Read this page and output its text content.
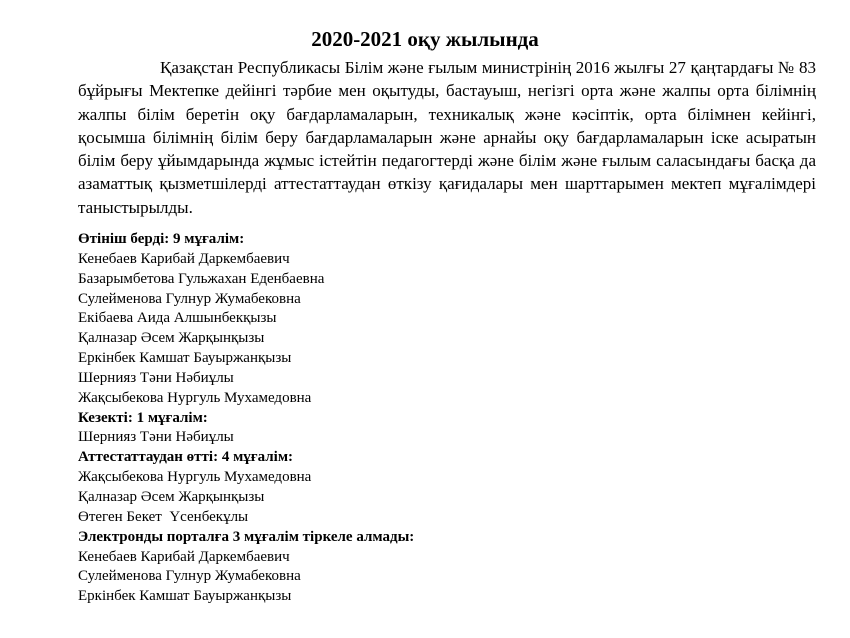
2020-2021 оқу жылында

Қазақстан Республикасы Білім және ғылым министрінің 2016 жылғы 27 қаңтардағы № 83 бұйрығы Мектепке дейінгі тәрбие мен оқытуды, бастауыш, негізгі орта және жалпы орта білімнің жалпы білім беретін оқу бағдарламаларын, техникалық және кәсіптік, орта білімнен кейінгі, қосымша білімнің білім беру бағдарламаларын және арнайы оқу бағдарламаларын іске асыратын білім беру ұйымдарында жұмыс істейтін педагогтерді және білім және ғылым саласындағы басқа да азаматтық қызметшілерді аттестаттаудан өткізу қағидалары мен шарттарымен мектеп мұғалімдері таныстырылды.

Өтініш берді: 9 мұғалім:
Кенебаев Карибай Даркембаевич
Базарымбетова Гульжахан Еденбаевна
Сулейменова Гулнур Жумабековна
Екібаева Аида Алшынбекқызы
Қалназар Әсем Жарқынқызы
Еркінбек Камшат Бауыржанқызы
Шернияз Тәни Нәбиұлы
Жақсыбекова Нургуль Мухамедовна
Кезекті: 1 мұғалім:
Шернияз Тәни Нәбиұлы
Аттестаттаудан өтті: 4 мұғалім:
Жақсыбекова Нургуль Мухамедовна
Қалназар Әсем Жарқынқызы
Өтеген Бекет  Үсенбекұлы
Электронды порталға 3 мұғалім тіркеле алмады:
Кенебаев Карибай Даркембаевич
Сулейменова Гулнур Жумабековна
Еркінбек Камшат Бауыржанқызы
